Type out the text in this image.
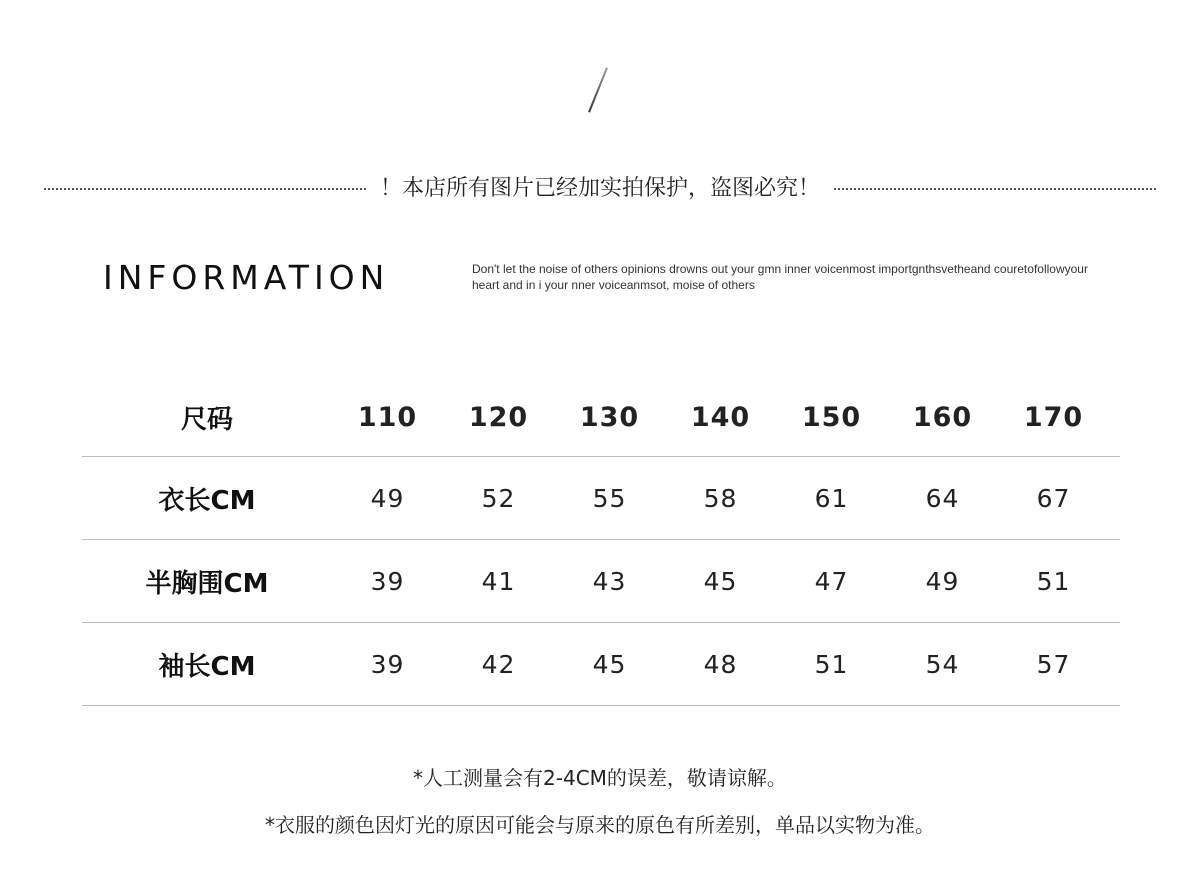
！本店所有图片已经加实拍保护，盗图必究！
INFORMATION	Don't let the noise of others opinions drowns out your gmn inner voicenmost importgnthsvetheand couretofollowyour heart and in i your nner voiceanmsot, moise of others
尺码	110	120	130	140	150	160	170
衣长CM	49	52	55	58	61	64	67
半胸围CM	39	41	43	45	47	49	51
袖长CM	39	42	45	48	51	54	57
*人工测量会有2-4CM的误差，敬请谅解。
*衣服的颜色因灯光的原因可能会与原来的原色有所差别，单品以实物为准。
